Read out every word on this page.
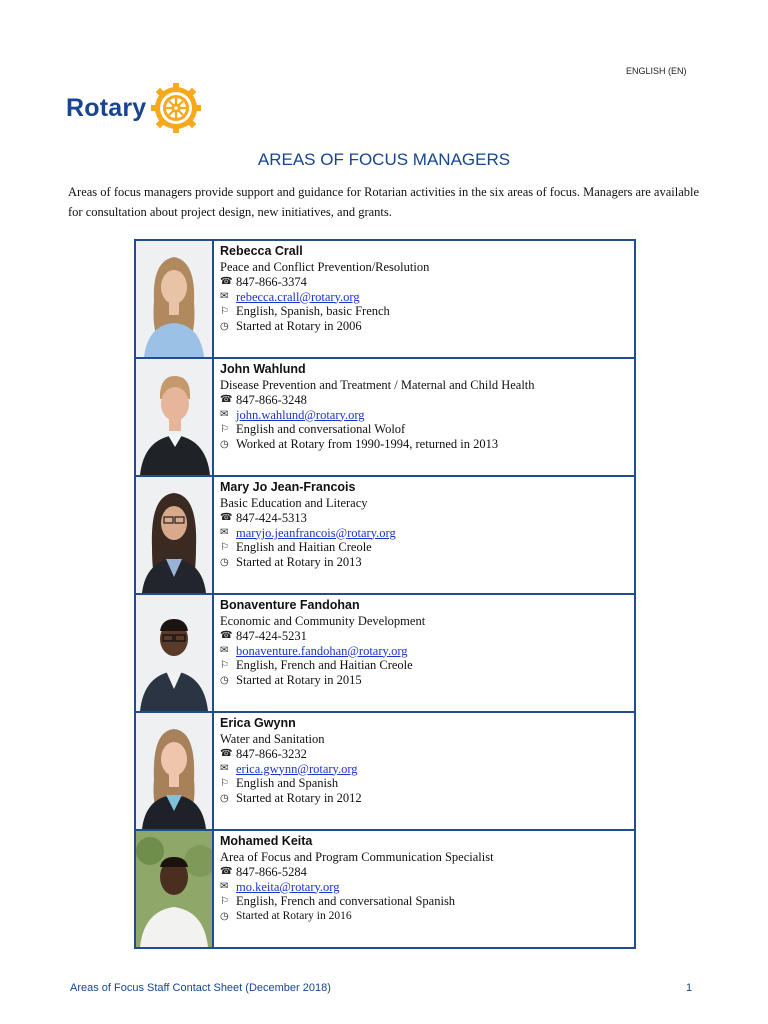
ENGLISH (EN)
Rotary
AREAS OF FOCUS MANAGERS
Areas of focus managers provide support and guidance for Rotarian activities in the six areas of focus. Managers are available for consultation about project design, new initiatives, and grants.
Rebecca Crall
Peace and Conflict Prevention/Resolution
☎ 847-866-3374
✉ rebecca.crall@rotary.org
⚐ English, Spanish, basic French
◷ Started at Rotary in 2006
John Wahlund
Disease Prevention and Treatment / Maternal and Child Health
☎ 847-866-3248
✉ john.wahlund@rotary.org
⚐ English and conversational Wolof
◷ Worked at Rotary from 1990-1994, returned in 2013
Mary Jo Jean-Francois
Basic Education and Literacy
☎ 847-424-5313
✉ maryjo.jeanfrancois@rotary.org
⚐ English and Haitian Creole
◷ Started at Rotary in 2013
Bonaventure Fandohan
Economic and Community Development
☎ 847-424-5231
✉ bonaventure.fandohan@rotary.org
⚐ English, French and Haitian Creole
◷ Started at Rotary in 2015
Erica Gwynn
Water and Sanitation
☎ 847-866-3232
✉ erica.gwynn@rotary.org
⚐ English and Spanish
◷ Started at Rotary in 2012
Mohamed Keita
Area of Focus and Program Communication Specialist
☎ 847-866-5284
✉ mo.keita@rotary.org
⚐ English, French and conversational Spanish
◷ Started at Rotary in 2016
Areas of Focus Staff Contact Sheet (December 2018)	1
